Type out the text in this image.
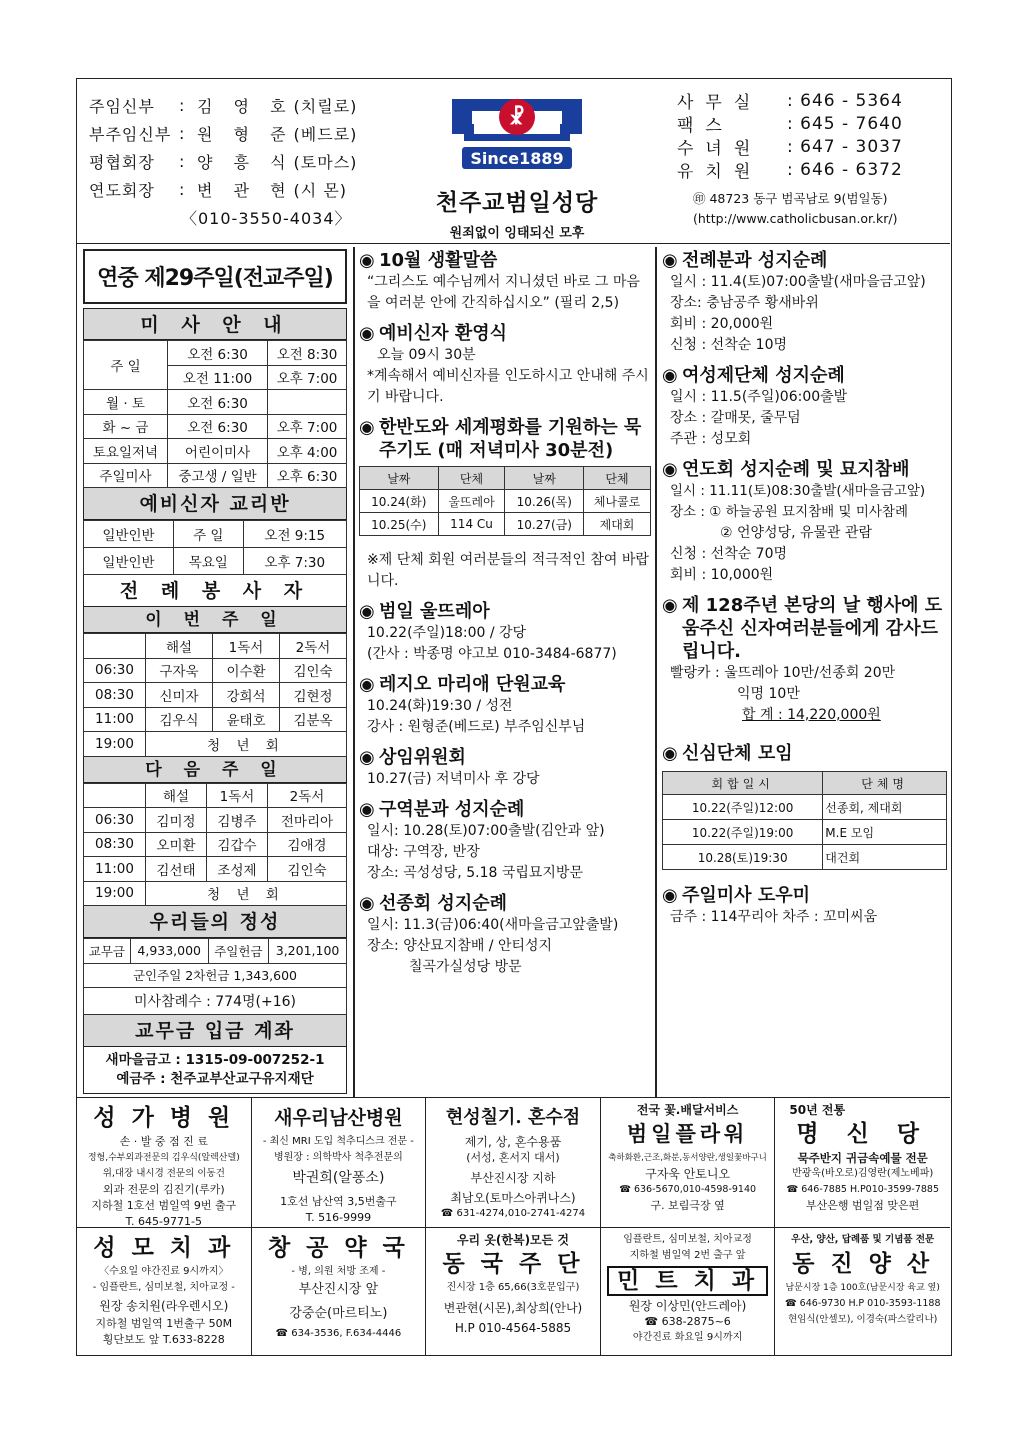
주임신부	: 김 영 호 (치릴로)
부주임신부 : 원 형 준 (베드로)
평협회장	: 양 흥 식 (토마스)
연도회장	: 변 관 현 (시 몬)
〈010-3550-4034〉
☧
Since1889
천주교범일성당
원죄없이 잉태되신 모후
사무실	: 646 - 5364
팩스	: 645 - 7640
수녀원	: 647 - 3037
유치원	: 646 - 6372
㊞ 48723 동구 범곡남로 9(범일동)
(http://www.catholicbusan.or.kr/)
연중 제29주일(전교주일)
미 사 안 내
주 일	오전 6:30	오전 8:30
	오전 11:00	오후 7:00
월 · 토	오전 6:30	
화 ~ 금	오전 6:30	오후 7:00
토요일저녁	어린이미사	오후 4:00
주일미사	중고생 / 일반	오후 6:30
예비신자 교리반
일반인반	주 일	오전 9:15
일반인반	목요일	오후 7:30
전 례 봉 사 자
이 번 주 일
	해설	1독서	2독서
06:30	구자욱	이수환	김인숙
08:30	신미자	강희석	김현정
11:00	김우식	윤태호	김분옥
19:00	청 년 회		
다 음 주 일
	해설	1독서	2독서
06:30	김미정	김병주	전마리아
08:30	오미환	김갑수	김애경
11:00	김선태	조성제	김인숙
19:00	청 년 회		
우리들의 정성
교무금	4,933,000	주일헌금	3,201,100
군인주일 2차헌금 1,343,600
미사참례수 : 774명(+16)
교무금 입금 계좌
새마을금고 : 1315-09-007252-1
예금주 : 천주교부산교구유지재단
◉ 10월 생활말씀

“그리스도 예수님께서 지니셨던 바로 그 마음을 여러분 안에 간직하십시오” (필리 2,5)

◉ 예비신자 환영식

오늘 09시 30분

*계속해서 예비신자를 인도하시고 안내해 주시기 바랍니다.

◉ 한반도와 세계평화를 기원하는 묵주기도 (매 저녁미사 30분전)
날짜	단체	날짜	단체
10.24(화)	울뜨레아	10.26(목)	체나콜로
10.25(수)	114 Cu	10.27(금)	제대회

※제 단체 회원 여러분들의 적극적인 참여 바랍니다.

◉ 범일 울뜨레아

10.22(주일)18:00 / 강당

(간사 : 박종명 야고보 010-3484-6877)

◉ 레지오 마리애 단원교육

10.24(화)19:30 / 성전

강사 : 원형준(베드로) 부주임신부님

◉ 상임위원회

10.27(금) 저녁미사 후 강당

◉ 구역분과 성지순례

일시: 10.28(토)07:00출발(김안과 앞)

대상: 구역장, 반장

장소: 곡성성당, 5.18 국립묘지방문

◉ 선종회 성지순례

일시: 11.3(금)06:40(새마을금고앞출발)

장소: 양산묘지참배 / 안티성지

칠곡가실성당 방문

◉ 전례분과 성지순례

일시 : 11.4(토)07:00출발(새마을금고앞)

장소: 충남공주 황새바위

회비 : 20,000원

신청 : 선착순 10명

◉ 여성제단체 성지순례

일시 : 11.5(주일)06:00출발

장소 : 갈매못, 줄무덤

주관 : 성모회

◉ 연도회 성지순례 및 묘지참배

일시 : 11.11(토)08:30출발(새마을금고앞)

장소 : ① 하늘공원 묘지참배 및 미사참례

② 언양성당, 유물관 관람

신청 : 선착순 70명

회비 : 10,000원

◉ 제 128주년 본당의 날 행사에 도움주신 신자여러분들에게 감사드립니다.

빨랑카 : 울뜨레아 10만/선종회 20만

익명 10만

합 계 : 14,220,000원

◉ 신심단체 모임
회합일시	단체명
10.22(주일)12:00	선종회, 제대회
10.22(주일)19:00	M.E 모임
10.28(토)19:30	대건회
◉ 주일미사 도우미

금주 : 114꾸리아 차주 : 꼬미씨움

성 가 병 원
손 · 발 중 점 진 료
정형,수부외과전문의 김우식(알렉산델)
위,대장 내시경 전문의 이동건
외과 전문의 김진기(루카)
지하철 1호선 범일역 9번 출구
T. 645-9771-5
새우리남산병원
- 최신 MRI 도입 척추디스크 전문 -
병원장 : 의학박사 척추전문의
박권희(알퐁소)
1호선 남산역 3,5번출구
T. 516-9999
현성칠기. 혼수점
제기, 상, 혼수용품
(서성, 혼서지 대서)
부산진시장 지하
최남오(토마스아퀴나스)
☎ 631-4274,010-2741-4274
전국 꽃.배달서비스
범일플라워
축하화환,근조,화분,동서양란,생일꽃바구니
구자욱 안토니오
☎ 636-5670,010-4598-9140
구. 보림극장 옆
50년 전통
명 신 당
묵주반지 귀금속예물 전문
반광욱(바오로)김영란(제노베파)
☎ 646-7885 H.P010-3599-7885
부산은행 범일점 맞은편
성 모 치 과
〈수요일 야간진료 9시까지〉
- 임플란트, 심미보철, 치아교정 -
원장 송치원(라우렌시오)
지하철 범일역 1번출구 50M
횡단보도 앞 T.633-8228
창 공 약 국
- 병, 의원 처방 조제 -
부산진시장 앞
강중순(마르티노)
☎ 634-3536, F.634-4446
우리 옷(한복)모든 것
동 국 주 단
진시장 1층 65,66(3호문입구)
변관현(시몬),최상희(안나)
H.P 010-4564-5885
임플란트, 심미보철, 치아교정
지하철 범일역 2번 출구 앞
민 트 치 과
원장 이상민(안드레아)
☎ 638-2875~6
야간진료 화요일 9시까지
우산, 양산, 답례품 및 기념품 전문
동 진 양 산
남문시장 1층 100호(남문시장 육교 옆)
☎ 646-9730 H.P 010-3593-1188
현임식(안셀모), 이경숙(파스칼리나)
